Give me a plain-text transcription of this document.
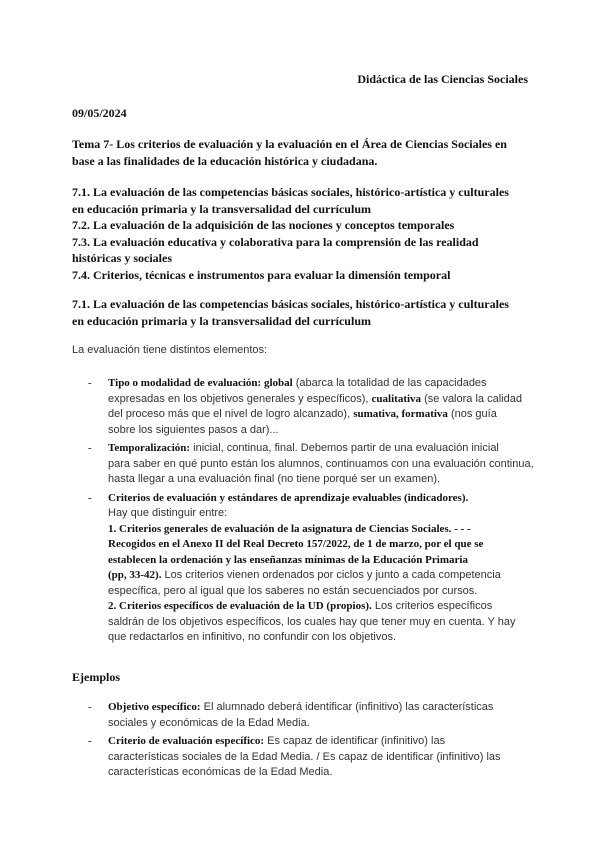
Didáctica de las Ciencias Sociales
09/05/2024
Tema 7- Los criterios de evaluación y la evaluación en el Área de Ciencias Sociales en
base a las finalidades de la educación histórica y ciudadana.
7.1. La evaluación de las competencias básicas sociales, histórico-artística y culturales
en educación primaria y la transversalidad del currículum
7.2. La evaluación de la adquisición de las nociones y conceptos temporales
7.3. La evaluación educativa y colaborativa para la comprensión de las realidad
históricas y sociales
7.4. Criterios, técnicas e instrumentos para evaluar la dimensión temporal
7.1. La evaluación de las competencias básicas sociales, histórico-artística y culturales
en educación primaria y la transversalidad del currículum
La evaluación tiene distintos elementos:
- Tipo o modalidad de evaluación: global (abarca la totalidad de las capacidades
expresadas en los objetivos generales y específicos), cualitativa (se valora la calidad
del proceso más que el nivel de logro alcanzado), sumativa, formativa (nos guía
sobre los siguientes pasos a dar)...
- Temporalización: inicial, continua, final. Debemos partir de una evaluación inicial
para saber en qué punto están los alumnos, continuamos con una evaluación continua,
hasta llegar a una evaluación final (no tiene porqué ser un examen).
- Criterios de evaluación y estándares de aprendizaje evaluables (indicadores).
Hay que distinguir entre:
1. Criterios generales de evaluación de la asignatura de Ciencias Sociales. - - -
Recogidos en el Anexo II del Real Decreto 157/2022, de 1 de marzo, por el que se
establecen la ordenación y las enseñanzas mínimas de la Educación Primaria
(pp, 33-42). Los criterios vienen ordenados por ciclos y junto a cada competencia
específica, pero al igual que los saberes no están secuenciados por cursos.
2. Criterios específicos de evaluación de la UD (propios). Los criterios específicos
saldrán de los objetivos específicos, los cuales hay que tener muy en cuenta. Y hay
que redactarlos en infinitivo, no confundir con los objetivos.
Ejemplos
- Objetivo específico: El alumnado deberá identificar (infinitivo) las características
sociales y económicas de la Edad Media.
- Criterio de evaluación específico: Es capaz de identificar (infinitivo) las
características sociales de la Edad Media. / Es capaz de identificar (infinitivo) las
características económicas de la Edad Media.
